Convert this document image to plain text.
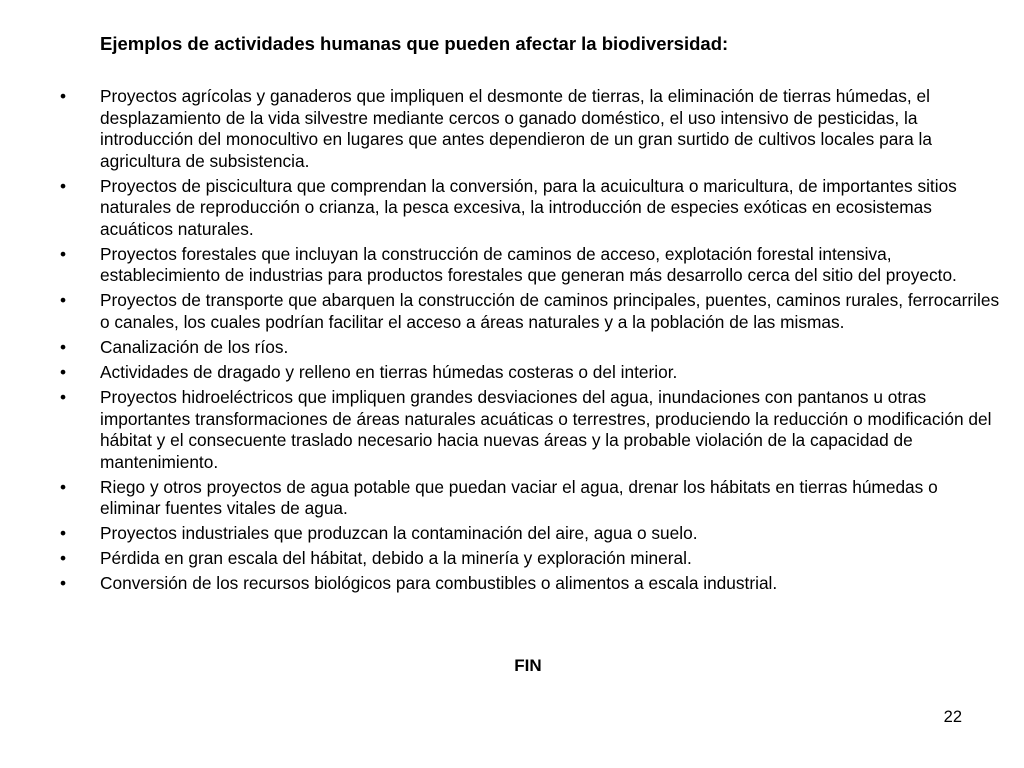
Ejemplos de actividades humanas que pueden afectar la biodiversidad:
•	Proyectos agrícolas y ganaderos que impliquen el desmonte de tierras, la eliminación de tierras húmedas, el desplazamiento de la vida silvestre mediante cercos o ganado doméstico, el uso intensivo de pesticidas, la introducción del monocultivo en lugares que antes dependieron de un gran surtido de cultivos locales para la agricultura de subsistencia.
•	Proyectos de piscicultura que comprendan la conversión, para la acuicultura o maricultura, de importantes sitios naturales de reproducción o crianza, la pesca excesiva, la introducción de especies exóticas en ecosistemas acuáticos naturales.
•	Proyectos forestales que incluyan la construcción de caminos de acceso, explotación forestal intensiva, establecimiento de industrias para productos forestales que generan más desarrollo cerca del sitio del proyecto.
•	Proyectos de transporte que abarquen la construcción de caminos principales, puentes, caminos rurales, ferrocarriles o canales, los cuales podrían facilitar el acceso a áreas naturales y a la población de las mismas.
•	Canalización de los ríos.
•	Actividades de dragado y relleno en tierras húmedas costeras o del interior.
•	Proyectos hidroeléctricos que impliquen grandes desviaciones del agua, inundaciones con pantanos u otras importantes transformaciones de áreas naturales acuáticas o terrestres, produciendo la reducción o modificación del hábitat y el consecuente traslado necesario hacia nuevas áreas y la probable violación de la capacidad de mantenimiento.
•	Riego y otros proyectos de agua potable que puedan vaciar el agua, drenar los hábitats en tierras húmedas o eliminar fuentes vitales de agua.
•	Proyectos industriales que produzcan la contaminación del aire, agua o suelo.
•	Pérdida en gran escala del hábitat, debido a la minería y exploración mineral.
•	Conversión de los recursos biológicos para combustibles o alimentos a escala industrial.
FIN
22
